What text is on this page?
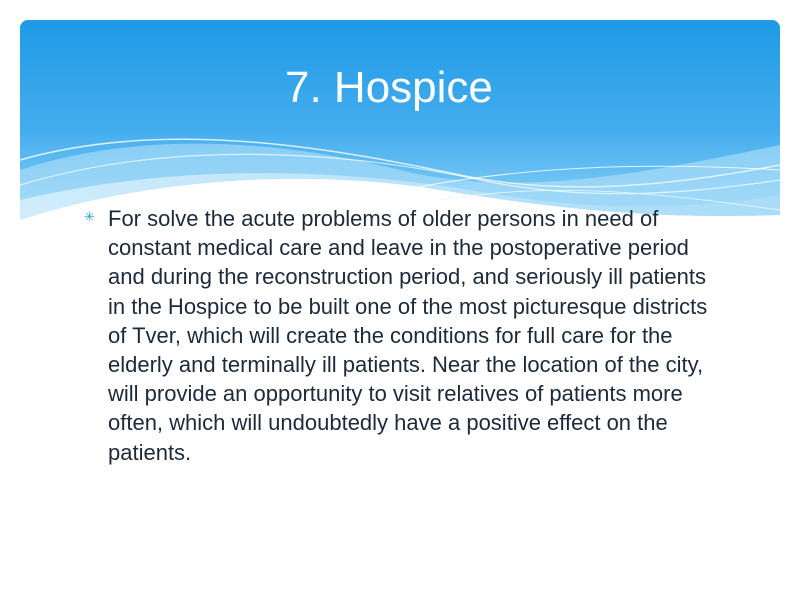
7. Hospice
✳ For solve the acute problems of older persons in need of constant medical care and leave in the postoperative period and during the reconstruction period, and seriously ill patients in the Hospice to be built one of the most picturesque districts of Tver, which will create the conditions for full care for the elderly and terminally ill patients. Near the location of the city, will provide an opportunity to visit relatives of patients more often, which will undoubtedly have a positive effect on the patients.
